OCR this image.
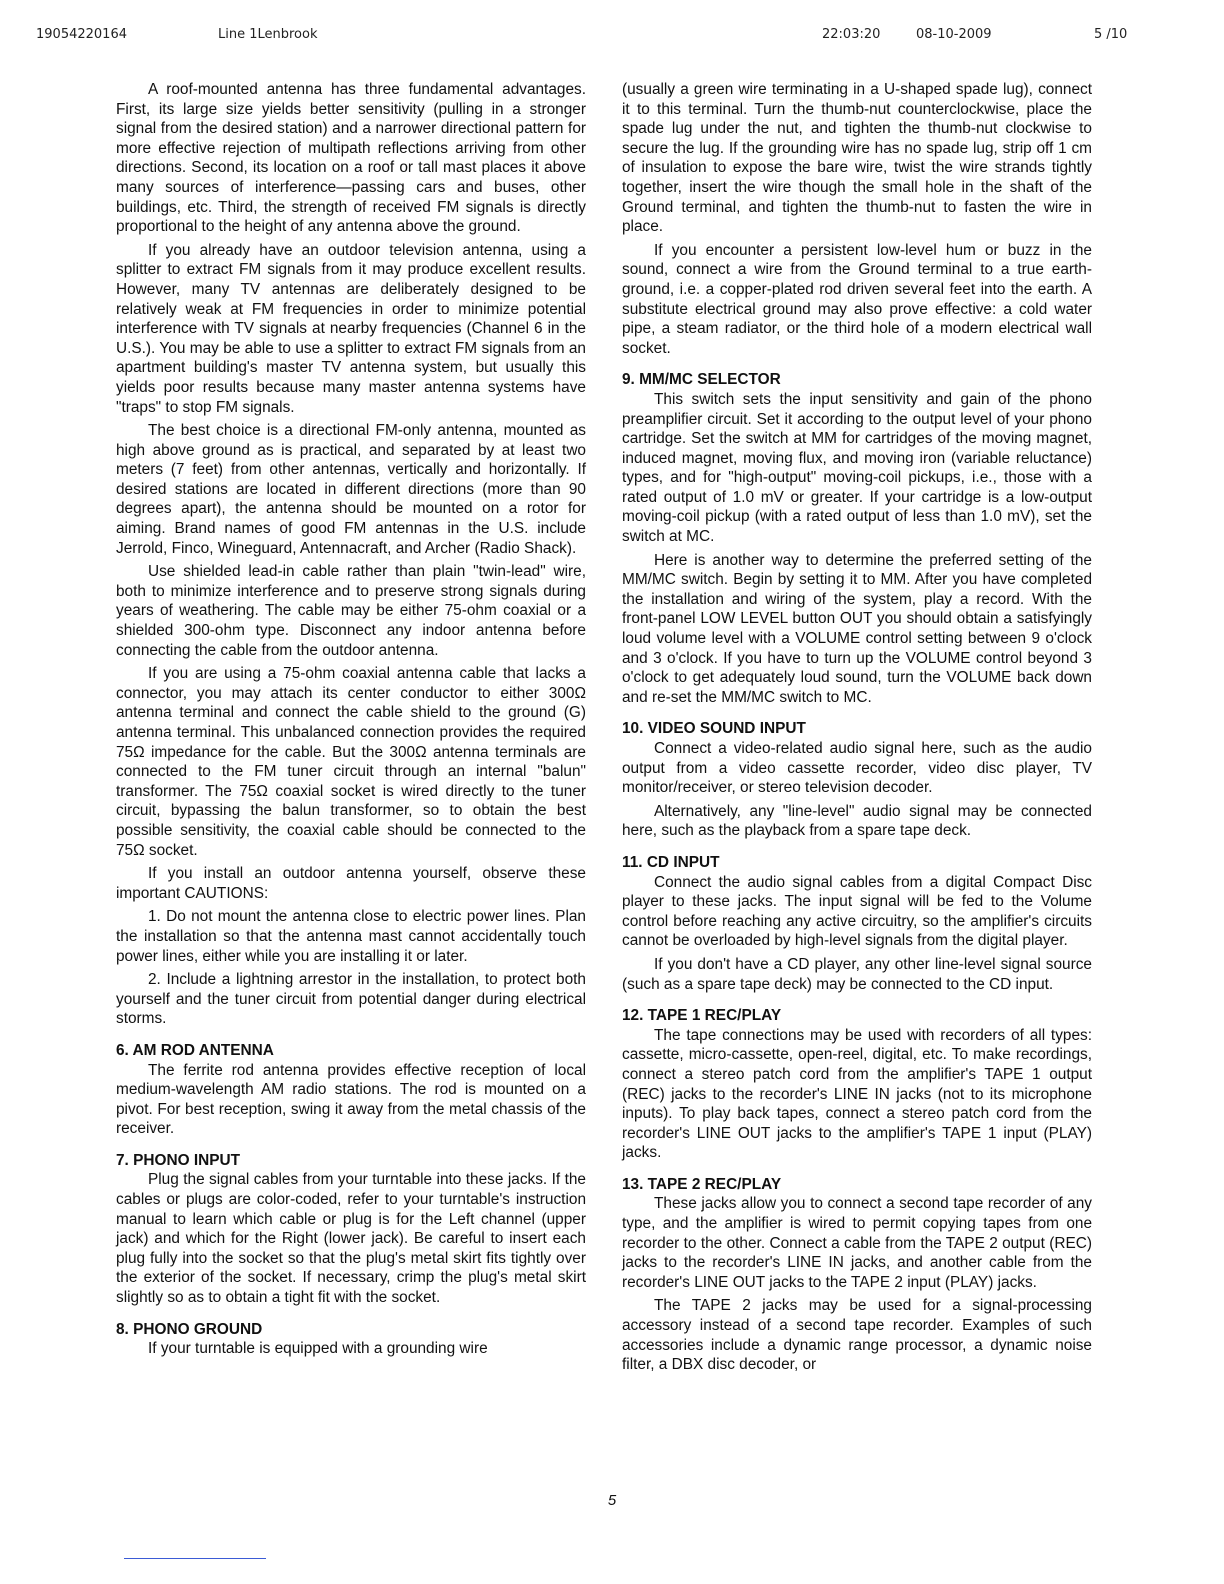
19054220164	Line 1Lenbrook	22:03:20	08-10-2009	5 /10

A roof-mounted antenna has three fundamental advantages. First, its large size yields better sensitivity (pulling in a stronger signal from the desired station) and a narrower directional pattern for more effective rejection of multipath reflections arriving from other directions. Second, its location on a roof or tall mast places it above many sources of interference—passing cars and buses, other buildings, etc. Third, the strength of received FM signals is directly proportional to the height of any antenna above the ground.

If you already have an outdoor television antenna, using a splitter to extract FM signals from it may produce excellent results. However, many TV antennas are deliberately designed to be relatively weak at FM frequencies in order to minimize potential interference with TV signals at nearby frequencies (Channel 6 in the U.S.). You may be able to use a splitter to extract FM signals from an apartment building's master TV antenna system, but usually this yields poor results because many master antenna systems have "traps" to stop FM signals.

The best choice is a directional FM-only antenna, mounted as high above ground as is practical, and separated by at least two meters (7 feet) from other antennas, vertically and horizontally. If desired stations are located in different directions (more than 90 degrees apart), the antenna should be mounted on a rotor for aiming. Brand names of good FM antennas in the U.S. include Jerrold, Finco, Wineguard, Antennacraft, and Archer (Radio Shack).

Use shielded lead-in cable rather than plain "twin-lead" wire, both to minimize interference and to preserve strong signals during years of weathering. The cable may be either 75-ohm coaxial or a shielded 300-ohm type. Disconnect any indoor antenna before connecting the cable from the outdoor antenna.

If you are using a 75-ohm coaxial antenna cable that lacks a connector, you may attach its center conductor to either 300Ω antenna terminal and connect the cable shield to the ground (G) antenna terminal. This unbalanced connection provides the required 75Ω impedance for the cable. But the 300Ω antenna terminals are connected to the FM tuner circuit through an internal "balun" transformer. The 75Ω coaxial socket is wired directly to the tuner circuit, bypassing the balun transformer, so to obtain the best possible sensitivity, the coaxial cable should be connected to the 75Ω socket.

If you install an outdoor antenna yourself, observe these important CAUTIONS:

1. Do not mount the antenna close to electric power lines. Plan the installation so that the antenna mast cannot accidentally touch power lines, either while you are installing it or later.

2. Include a lightning arrestor in the installation, to protect both yourself and the tuner circuit from potential danger during electrical storms.

6. AM ROD ANTENNA

The ferrite rod antenna provides effective reception of local medium-wavelength AM radio stations. The rod is mounted on a pivot. For best reception, swing it away from the metal chassis of the receiver.

7. PHONO INPUT

Plug the signal cables from your turntable into these jacks. If the cables or plugs are color-coded, refer to your turntable's instruction manual to learn which cable or plug is for the Left channel (upper jack) and which for the Right (lower jack). Be careful to insert each plug fully into the socket so that the plug's metal skirt fits tightly over the exterior of the socket. If necessary, crimp the plug's metal skirt slightly so as to obtain a tight fit with the socket.

8. PHONO GROUND

If your turntable is equipped with a grounding wire

(usually a green wire terminating in a U-shaped spade lug), connect it to this terminal. Turn the thumb-nut counterclockwise, place the spade lug under the nut, and tighten the thumb-nut clockwise to secure the lug. If the grounding wire has no spade lug, strip off 1 cm of insulation to expose the bare wire, twist the wire strands tightly together, insert the wire though the small hole in the shaft of the Ground terminal, and tighten the thumb-nut to fasten the wire in place.

If you encounter a persistent low-level hum or buzz in the sound, connect a wire from the Ground terminal to a true earth-ground, i.e. a copper-plated rod driven several feet into the earth. A substitute electrical ground may also prove effective: a cold water pipe, a steam radiator, or the third hole of a modern electrical wall socket.

9. MM/MC SELECTOR

This switch sets the input sensitivity and gain of the phono preamplifier circuit. Set it according to the output level of your phono cartridge. Set the switch at MM for cartridges of the moving magnet, induced magnet, moving flux, and moving iron (variable reluctance) types, and for "high-output" moving-coil pickups, i.e., those with a rated output of 1.0 mV or greater. If your cartridge is a low-output moving-coil pickup (with a rated output of less than 1.0 mV), set the switch at MC.

Here is another way to determine the preferred setting of the MM/MC switch. Begin by setting it to MM. After you have completed the installation and wiring of the system, play a record. With the front-panel LOW LEVEL button OUT you should obtain a satisfyingly loud volume level with a VOLUME control setting between 9 o'clock and 3 o'clock. If you have to turn up the VOLUME control beyond 3 o'clock to get adequately loud sound, turn the VOLUME back down and re-set the MM/MC switch to MC.

10. VIDEO SOUND INPUT

Connect a video-related audio signal here, such as the audio output from a video cassette recorder, video disc player, TV monitor/receiver, or stereo television decoder.

Alternatively, any "line-level" audio signal may be connected here, such as the playback from a spare tape deck.

11. CD INPUT

Connect the audio signal cables from a digital Compact Disc player to these jacks. The input signal will be fed to the Volume control before reaching any active circuitry, so the amplifier's circuits cannot be overloaded by high-level signals from the digital player.

If you don't have a CD player, any other line-level signal source (such as a spare tape deck) may be connected to the CD input.

12. TAPE 1 REC/PLAY

The tape connections may be used with recorders of all types: cassette, micro-cassette, open-reel, digital, etc. To make recordings, connect a stereo patch cord from the amplifier's TAPE 1 output (REC) jacks to the recorder's LINE IN jacks (not to its microphone inputs). To play back tapes, connect a stereo patch cord from the recorder's LINE OUT jacks to the amplifier's TAPE 1 input (PLAY) jacks.

13. TAPE 2 REC/PLAY

These jacks allow you to connect a second tape recorder of any type, and the amplifier is wired to permit copying tapes from one recorder to the other. Connect a cable from the TAPE 2 output (REC) jacks to the recorder's LINE IN jacks, and another cable from the recorder's LINE OUT jacks to the TAPE 2 input (PLAY) jacks.

The TAPE 2 jacks may be used for a signal-processing accessory instead of a second tape recorder. Examples of such accessories include a dynamic range processor, a dynamic noise filter, a DBX disc decoder, or

5
